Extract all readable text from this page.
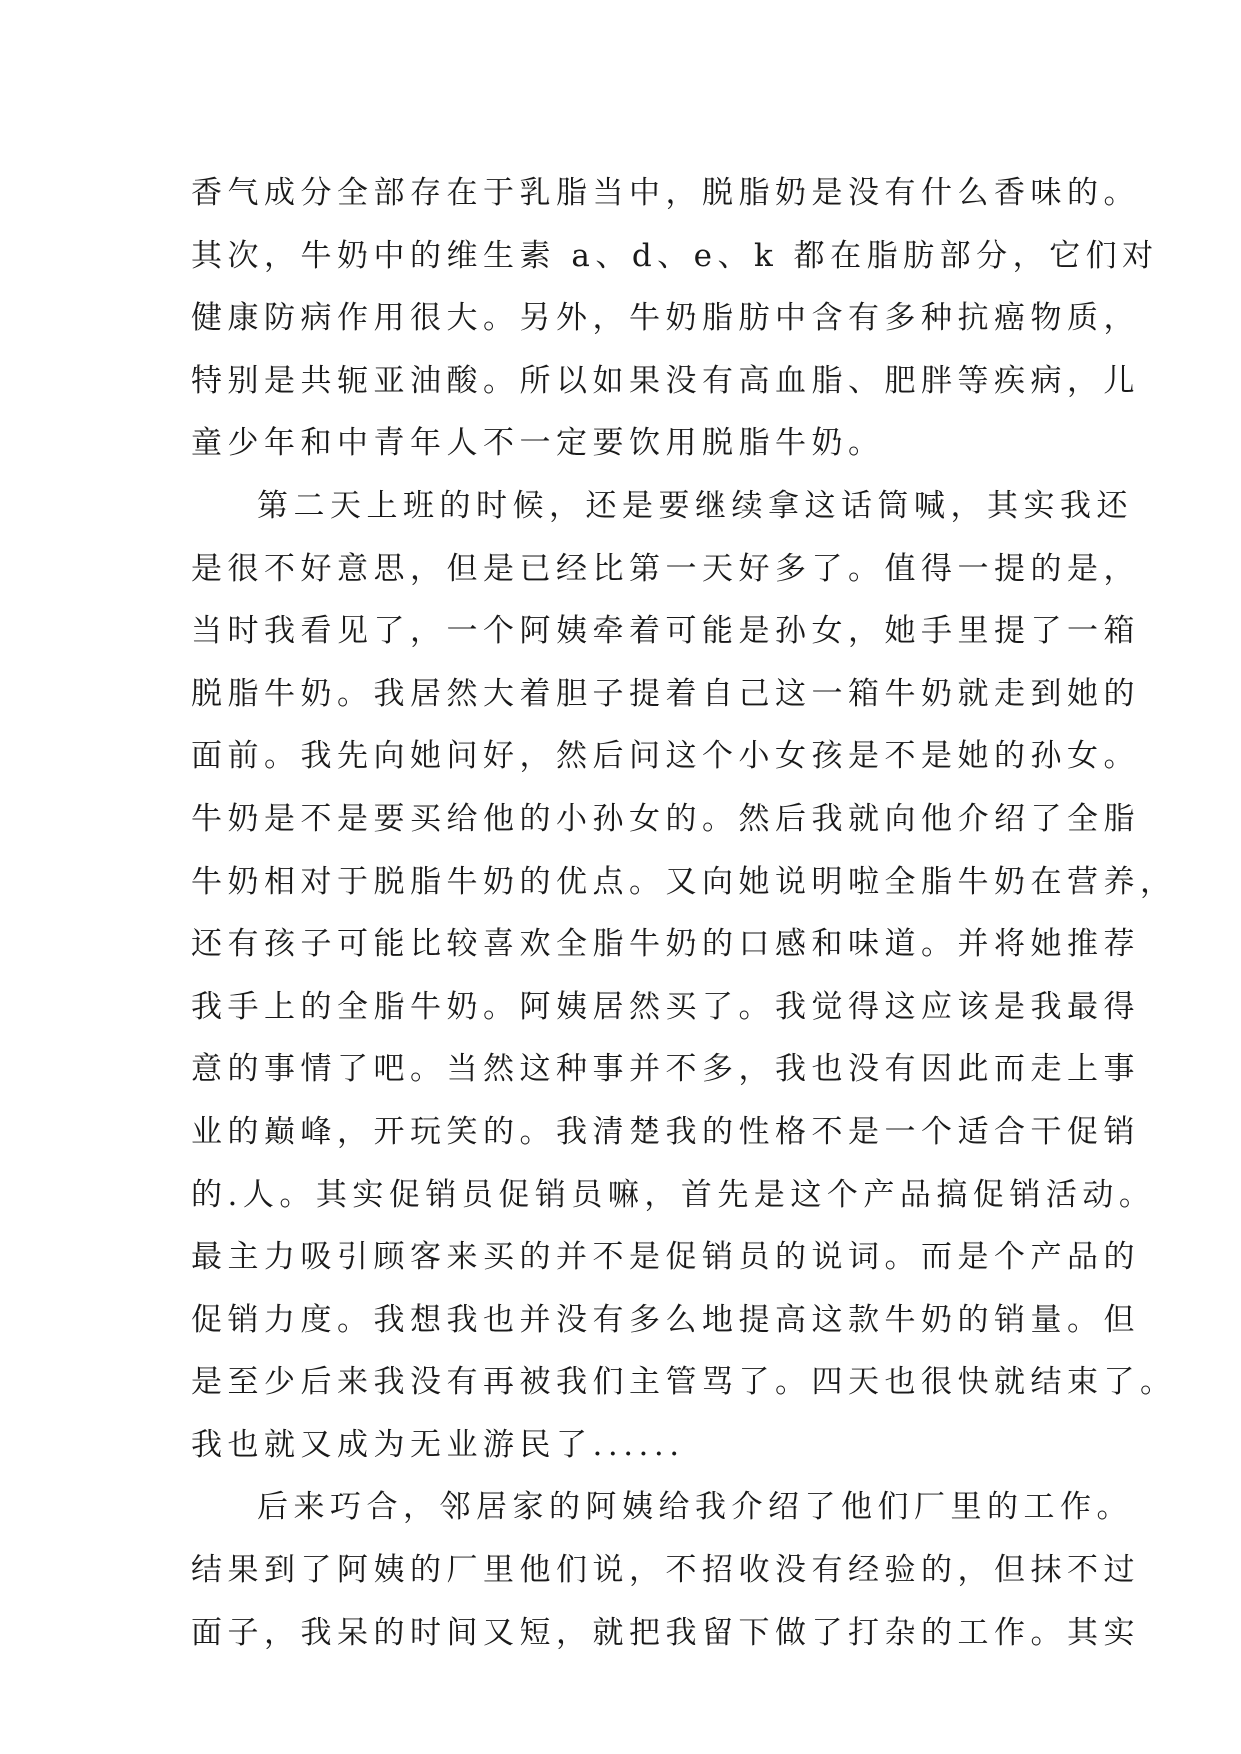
香气成分全部存在于乳脂当中，脱脂奶是没有什么香味的。
其次，牛奶中的维生素 a、d、e、k 都在脂肪部分，它们对
健康防病作用很大。另外，牛奶脂肪中含有多种抗癌物质，
特别是共轭亚油酸。所以如果没有高血脂、肥胖等疾病，儿
童少年和中青年人不一定要饮用脱脂牛奶。
第二天上班的时候，还是要继续拿这话筒喊，其实我还
是很不好意思，但是已经比第一天好多了。值得一提的是，
当时我看见了，一个阿姨牵着可能是孙女，她手里提了一箱
脱脂牛奶。我居然大着胆子提着自己这一箱牛奶就走到她的
面前。我先向她问好，然后问这个小女孩是不是她的孙女。
牛奶是不是要买给他的小孙女的。然后我就向他介绍了全脂
牛奶相对于脱脂牛奶的优点。又向她说明啦全脂牛奶在营养，
还有孩子可能比较喜欢全脂牛奶的口感和味道。并将她推荐
我手上的全脂牛奶。阿姨居然买了。我觉得这应该是我最得
意的事情了吧。当然这种事并不多，我也没有因此而走上事
业的巅峰，开玩笑的。我清楚我的性格不是一个适合干促销
的.人。其实促销员促销员嘛，首先是这个产品搞促销活动。
最主力吸引顾客来买的并不是促销员的说词。而是个产品的
促销力度。我想我也并没有多么地提高这款牛奶的销量。但
是至少后来我没有再被我们主管骂了。四天也很快就结束了。
我也就又成为无业游民了......
后来巧合，邻居家的阿姨给我介绍了他们厂里的工作。
结果到了阿姨的厂里他们说，不招收没有经验的，但抹不过
面子，我呆的时间又短，就把我留下做了打杂的工作。其实
